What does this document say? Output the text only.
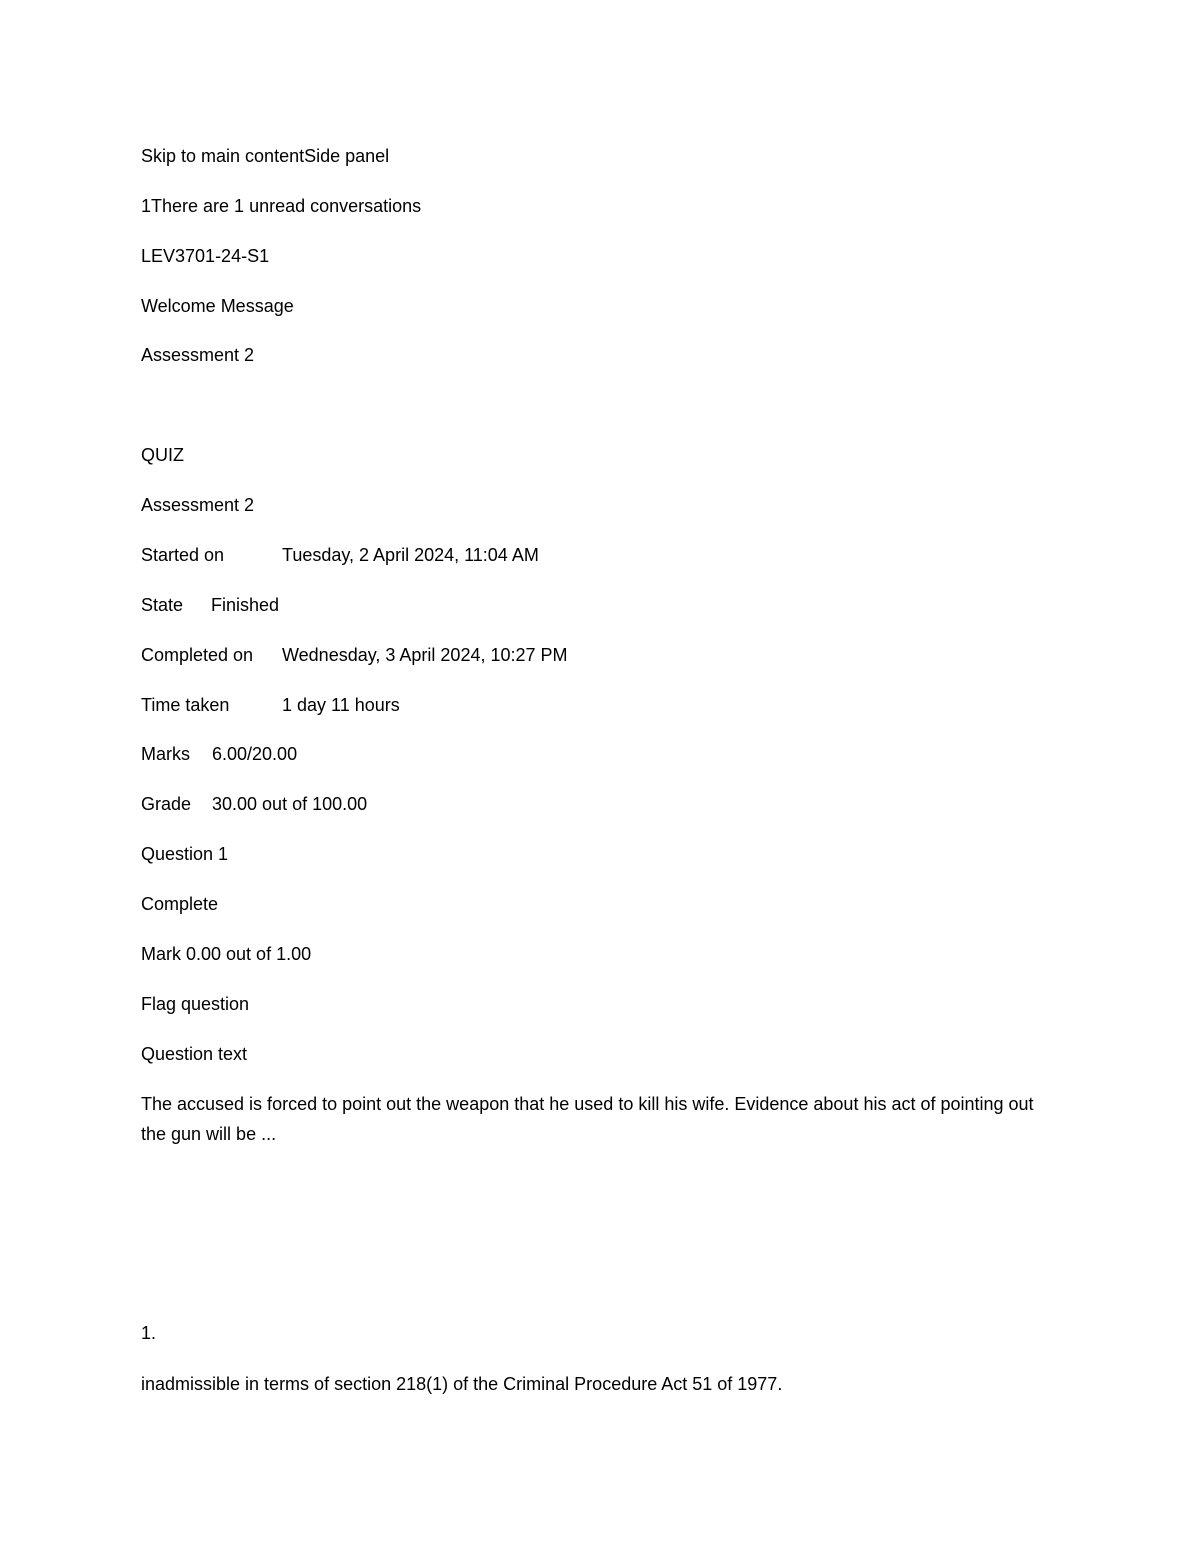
Skip to main contentSide panel
1There are 1 unread conversations
LEV3701-24-S1
Welcome Message
Assessment 2
QUIZ
Assessment 2
Started on	Tuesday, 2 April 2024, 11:04 AM
State Finished
Completed on Wednesday, 3 April 2024, 10:27 PM
Time taken	1 day 11 hours
Marks 6.00/20.00
Grade 30.00 out of 100.00
Question 1
Complete
Mark 0.00 out of 1.00
Flag question
Question text
The accused is forced to point out the weapon that he used to kill his wife. Evidence about his act of pointing out the gun will be ...
1.
inadmissible in terms of section 218(1) of the Criminal Procedure Act 51 of 1977.
